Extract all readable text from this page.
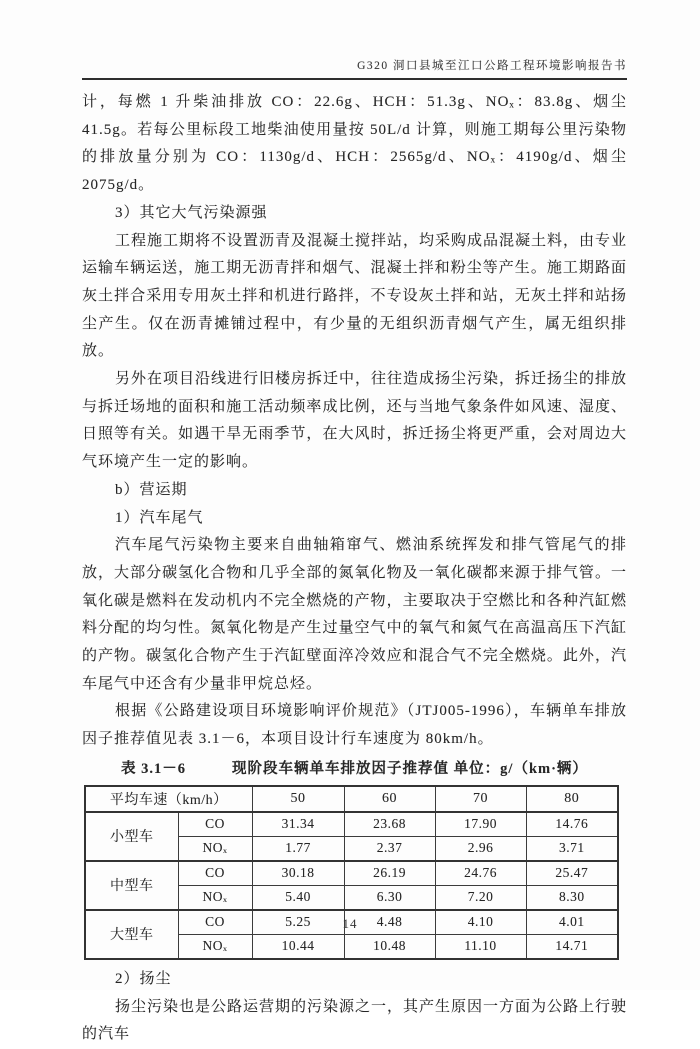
G320 洞口县城至江口公路工程环境影响报告书

计，每燃 1 升柴油排放 CO：22.6g、HCH：51.3g、NOₓ：83.8g、烟尘 41.5g。若每公里标段工地柴油使用量按 50L/d 计算，则施工期每公里污染物的排放量分别为 CO：1130g/d、HCH：2565g/d、NOₓ：4190g/d、烟尘 2075g/d。

3）其它大气污染源强

工程施工期将不设置沥青及混凝土搅拌站，均采购成品混凝土料，由专业运输车辆运送，施工期无沥青拌和烟气、混凝土拌和粉尘等产生。施工期路面灰土拌合采用专用灰土拌和机进行路拌，不专设灰土拌和站，无灰土拌和站扬尘产生。仅在沥青摊铺过程中，有少量的无组织沥青烟气产生，属无组织排放。

另外在项目沿线进行旧楼房拆迁中，往往造成扬尘污染，拆迁扬尘的排放与拆迁场地的面积和施工活动频率成比例，还与当地气象条件如风速、湿度、日照等有关。如遇干旱无雨季节，在大风时，拆迁扬尘将更严重，会对周边大气环境产生一定的影响。

b）营运期

1）汽车尾气

汽车尾气污染物主要来自曲轴箱窜气、燃油系统挥发和排气管尾气的排放，大部分碳氢化合物和几乎全部的氮氧化物及一氧化碳都来源于排气管。一氧化碳是燃料在发动机内不完全燃烧的产物，主要取决于空燃比和各种汽缸燃料分配的均匀性。氮氧化物是产生过量空气中的氧气和氮气在高温高压下汽缸的产物。碳氢化合物产生于汽缸壁面淬冷效应和混合气不完全燃烧。此外，汽车尾气中还含有少量非甲烷总烃。

根据《公路建设项目环境影响评价规范》（JTJ005-1996），车辆单车排放因子推荐值见表 3.1－6，本项目设计行车速度为 80km/h。

表 3.1－6	现阶段车辆单车排放因子推荐值 单位：g/（km·辆）
平均车速（km/h）		50	60	70	80
小型车	CO	31.34	23.68	17.90	14.76
	NOₓ	1.77	2.37	2.96	3.71
中型车	CO	30.18	26.19	24.76	25.47
	NOₓ	5.40	6.30	7.20	8.30
大型车	CO	5.25	4.48	4.10	4.01
	NOₓ	10.44	10.48	11.10	14.71

2）扬尘

扬尘污染也是公路运营期的污染源之一，其产生原因一方面为公路上行驶的汽车

14
